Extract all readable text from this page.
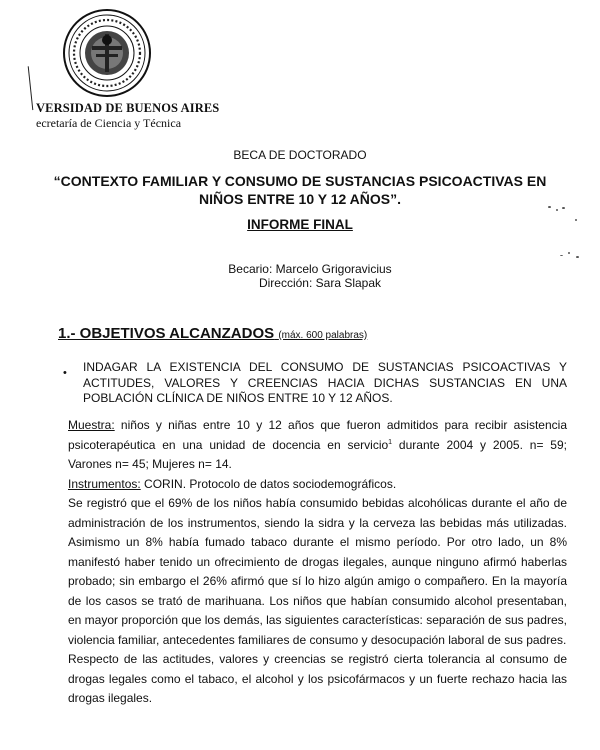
VERSIDAD DE BUENOS AIRES
ecretaría de Ciencia y Técnica
BECA DE DOCTORADO
“CONTEXTO FAMILIAR Y CONSUMO DE SUSTANCIAS PSICOACTIVAS EN
NIÑOS ENTRE 10 Y 12 AÑOS”.
INFORME FINAL
Becario: Marcelo Grigoravicius
Dirección: Sara Slapak
1.- OBJETIVOS ALCANZADOS (máx. 600 palabras)
• INDAGAR LA EXISTENCIA DEL CONSUMO DE SUSTANCIAS PSICOACTIVAS Y ACTITUDES, VALORES Y CREENCIAS HACIA DICHAS SUSTANCIAS EN UNA POBLACIÓN CLÍNICA DE NIÑOS ENTRE 10 Y 12 AÑOS.

Muestra: niños y niñas entre 10 y 12 años que fueron admitidos para recibir asistencia psicoterapéutica en una unidad de docencia en servicio$^1$ durante 2004 y 2005. n= 59; Varones n= 45; Mujeres n= 14.

Instrumentos: CORIN. Protocolo de datos sociodemográficos.

Se registró que el 69% de los niños había consumido bebidas alcohólicas durante el año de administración de los instrumentos, siendo la sidra y la cerveza las bebidas más utilizadas. Asimismo un 8% había fumado tabaco durante el mismo período. Por otro lado, un 8% manifestó haber tenido un ofrecimiento de drogas ilegales, aunque ninguno afirmó haberlas probado; sin embargo el 26% afirmó que sí lo hizo algún amigo o compañero. En la mayoría de los casos se trató de marihuana. Los niños que habían consumido alcohol presentaban, en mayor proporción que los demás, las siguientes características: separación de sus padres, violencia familiar, antecedentes familiares de consumo y desocupación laboral de sus padres.

Respecto de las actitudes, valores y creencias se registró cierta tolerancia al consumo de drogas legales como el tabaco, el alcohol y los psicofármacos y un fuerte rechazo hacia las drogas ilegales.
